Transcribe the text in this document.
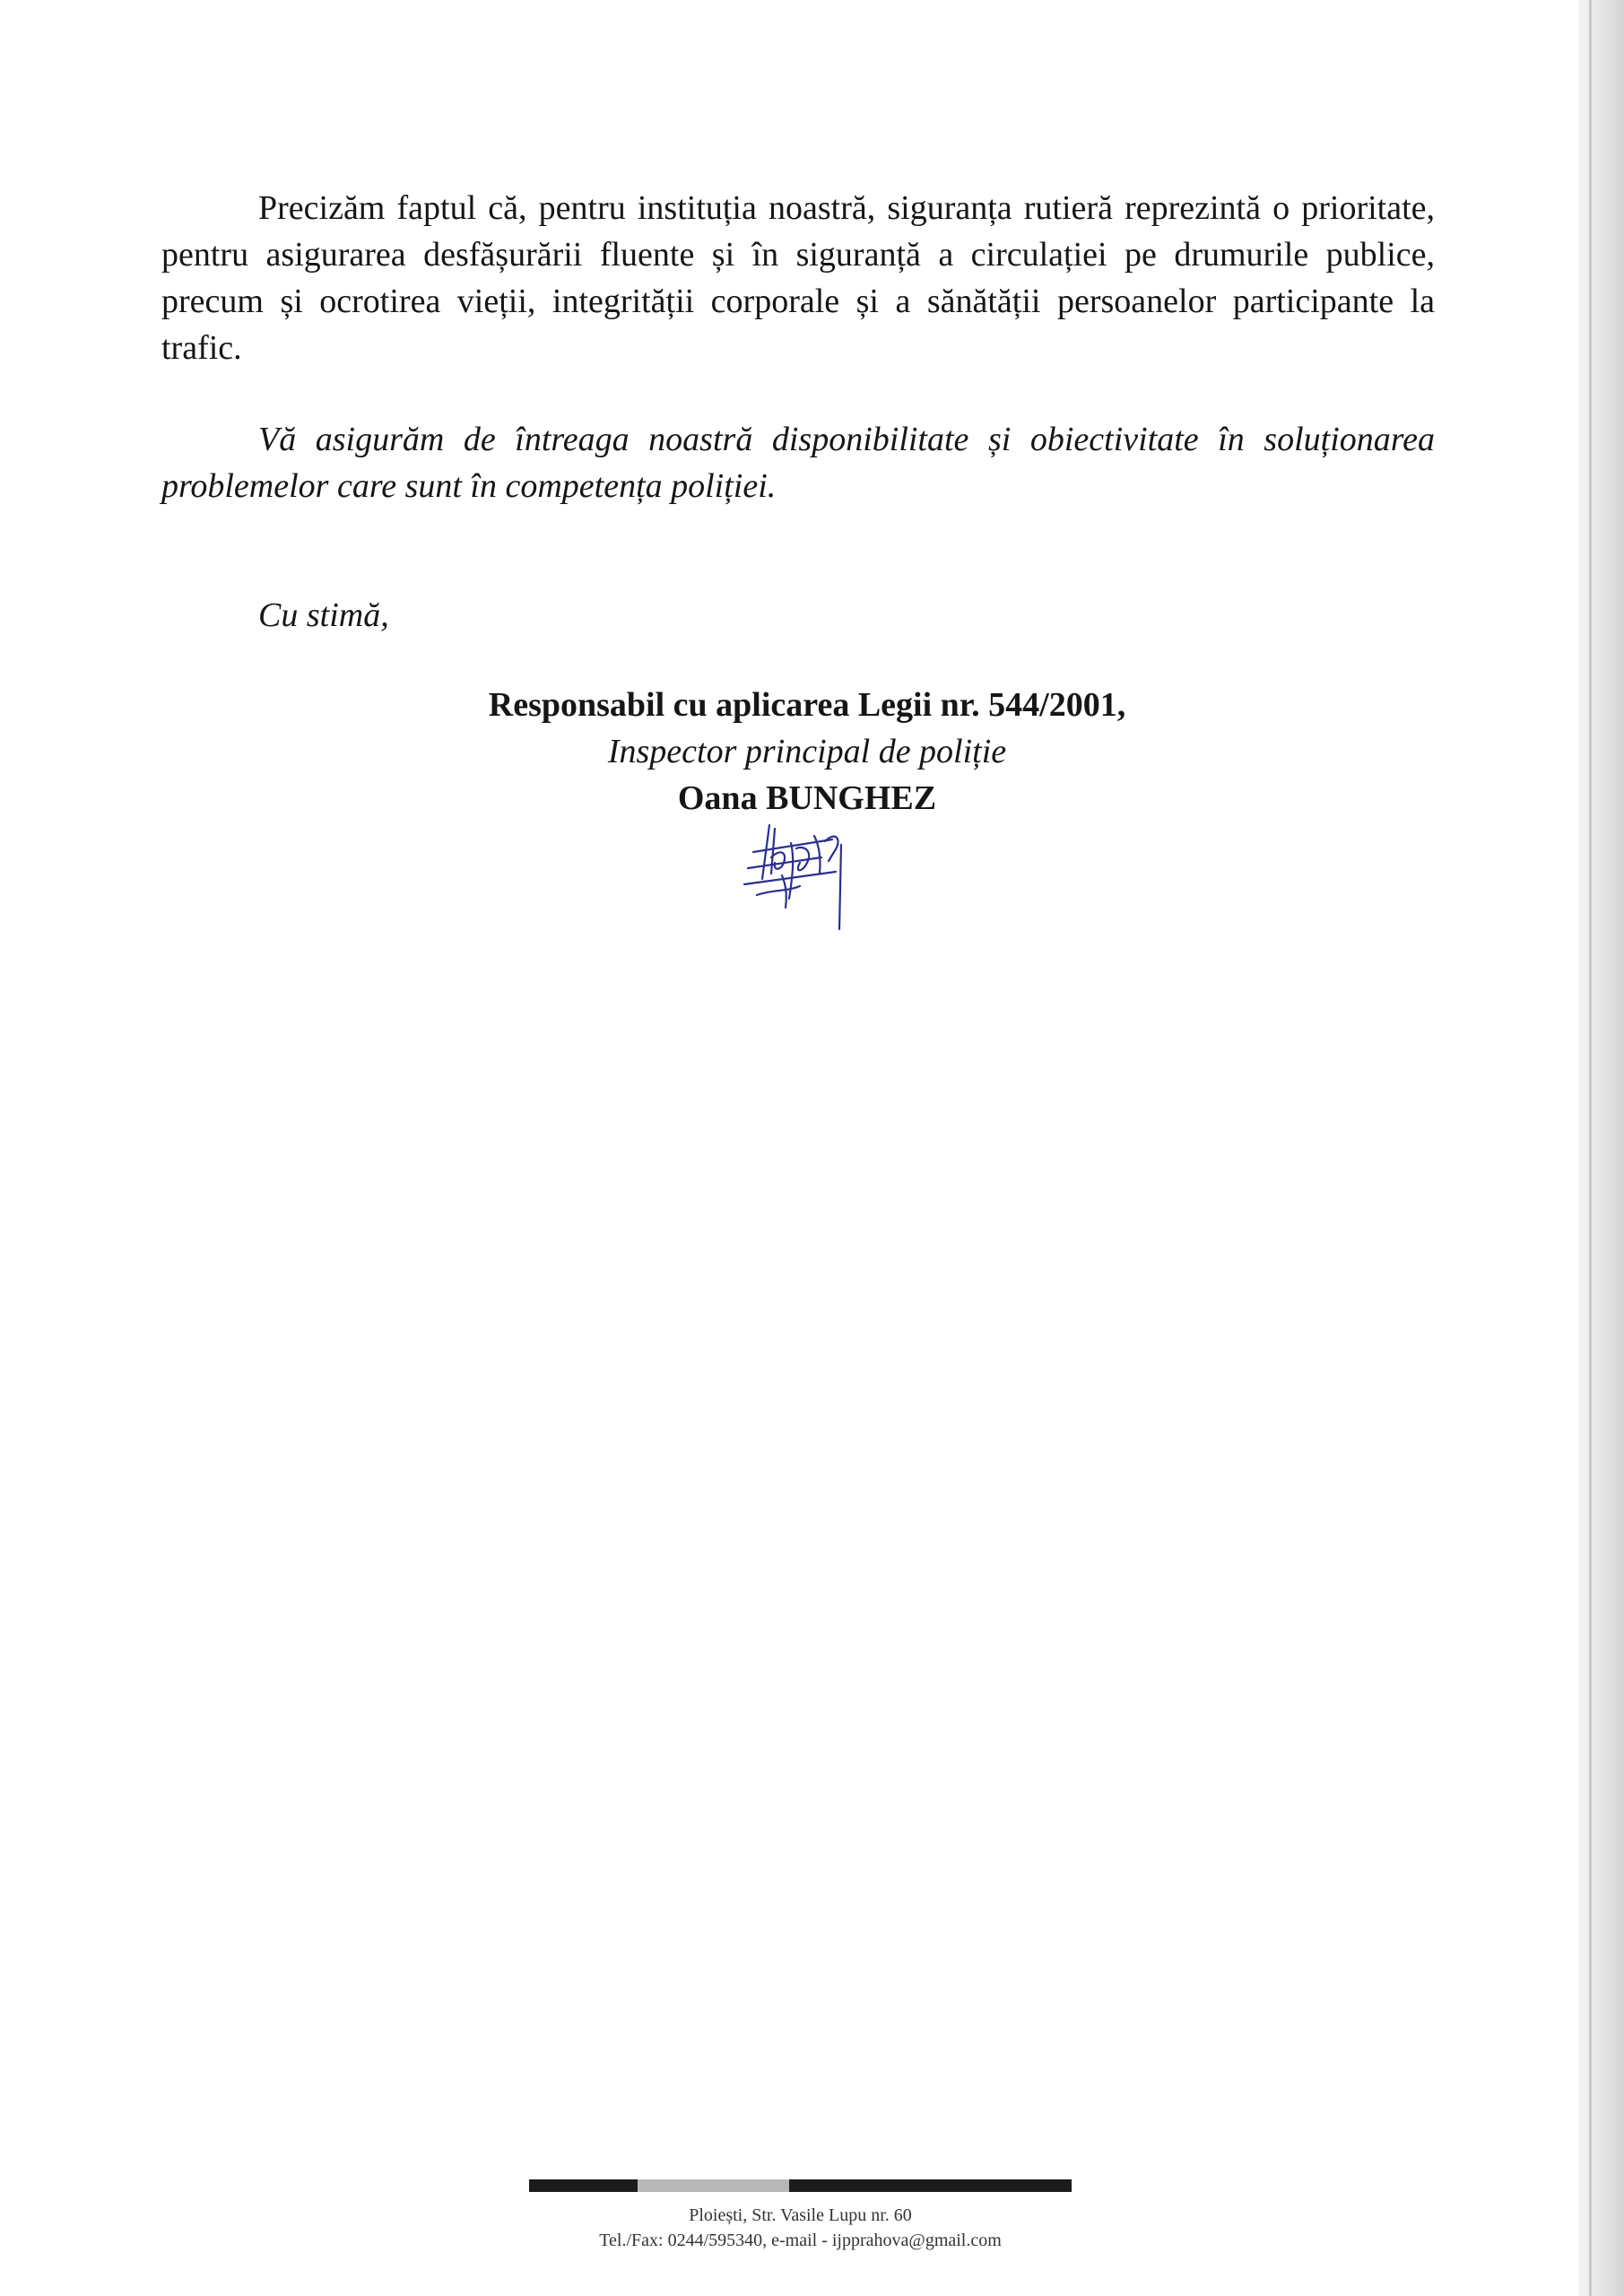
Precizăm faptul că, pentru instituția noastră, siguranța rutieră reprezintă o prioritate, pentru asigurarea desfășurării fluente și în siguranță a circulației pe drumurile publice, precum și ocrotirea vieții, integrității corporale și a sănătății persoanelor participante la trafic.

Vă asigurăm de întreaga noastră disponibilitate și obiectivitate în soluționarea problemelor care sunt în competența poliției.

Cu stimă,

Responsabil cu aplicarea Legii nr. 544/2001,
Inspector principal de poliție
Oana BUNGHEZ
Ploiești, Str. Vasile Lupu nr. 60
Tel./Fax: 0244/595340, e-mail - ijpprahova@gmail.com
